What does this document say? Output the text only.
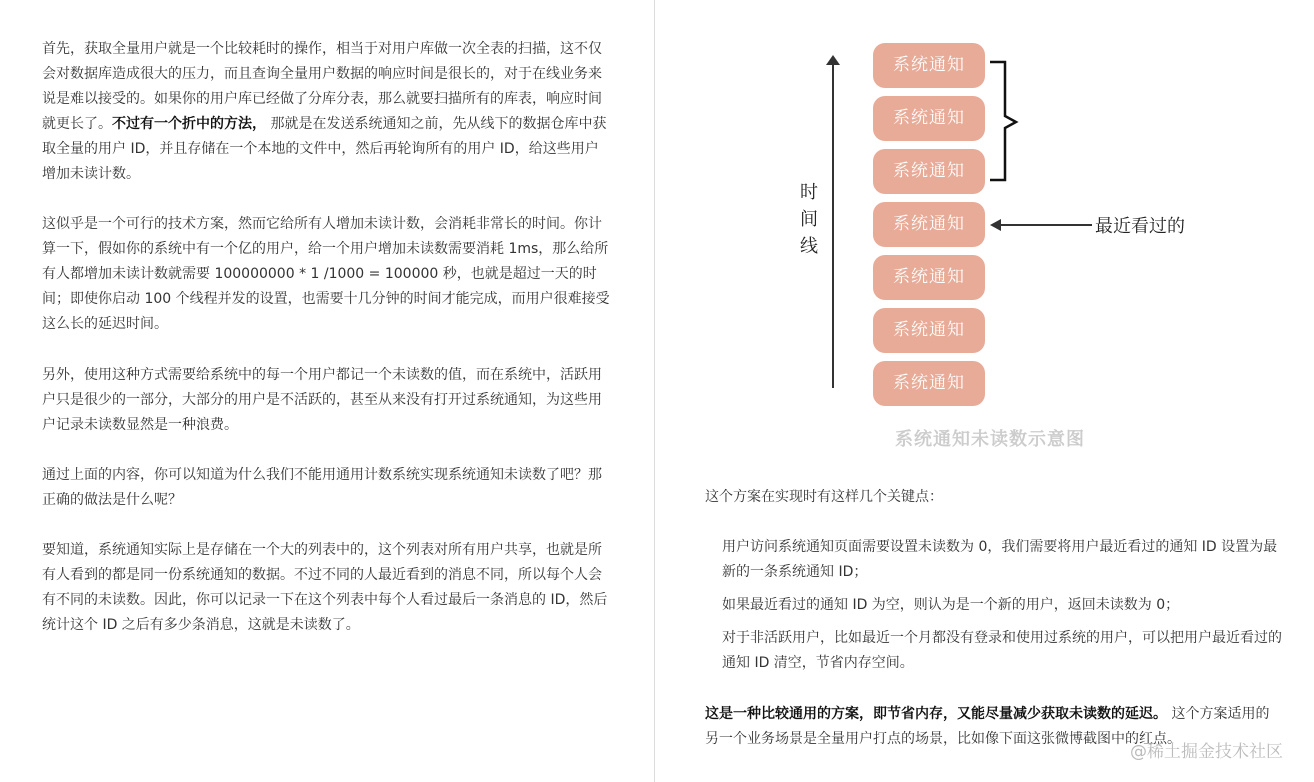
首先，获取全量用户就是一个比较耗时的操作，相当于对用户库做一次全表的扫描，这不仅会对数据库造成很大的压力，而且查询全量用户数据的响应时间是很长的，对于在线业务来说是难以接受的。如果你的用户库已经做了分库分表，那么就要扫描所有的库表，响应时间就更长了。不过有一个折中的方法， 那就是在发送系统通知之前，先从线下的数据仓库中获取全量的用户 ID，并且存储在一个本地的文件中，然后再轮询所有的用户 ID，给这些用户增加未读计数。

这似乎是一个可行的技术方案，然而它给所有人增加未读计数，会消耗非常长的时间。你计算一下，假如你的系统中有一个亿的用户，给一个用户增加未读数需要消耗 1ms，那么给所有人都增加未读计数就需要 100000000 * 1 /1000 = 100000 秒，也就是超过一天的时间；即使你启动 100 个线程并发的设置，也需要十几分钟的时间才能完成，而用户很难接受这么长的延迟时间。

另外，使用这种方式需要给系统中的每一个用户都记一个未读数的值，而在系统中，活跃用户只是很少的一部分，大部分的用户是不活跃的，甚至从来没有打开过系统通知，为这些用户记录未读数显然是一种浪费。

通过上面的内容，你可以知道为什么我们不能用通用计数系统实现系统通知未读数了吧？那正确的做法是什么呢？

要知道，系统通知实际上是存储在一个大的列表中的，这个列表对所有用户共享，也就是所有人看到的都是同一份系统通知的数据。不过不同的人最近看到的消息不同，所以每个人会有不同的未读数。因此，你可以记录一下在这个列表中每个人看过最后一条消息的 ID，然后统计这个 ID 之后有多少条消息，这就是未读数了。

时
间
线
系统通知
系统通知
系统通知
系统通知
系统通知
系统通知
系统通知
最近看过的
系统通知未读数示意图

这个方案在实现时有这样几个关键点：

用户访问系统通知页面需要设置未读数为 0，我们需要将用户最近看过的通知 ID 设置为最新的一条系统通知 ID；

如果最近看过的通知 ID 为空，则认为是一个新的用户，返回未读数为 0；

对于非活跃用户，比如最近一个月都没有登录和使用过系统的用户，可以把用户最近看过的通知 ID 清空，节省内存空间。

这是一种比较通用的方案，即节省内存，又能尽量减少获取未读数的延迟。 这个方案适用的另一个业务场景是全量用户打点的场景，比如像下面这张微博截图中的红点。

@稀土掘金技术社区
